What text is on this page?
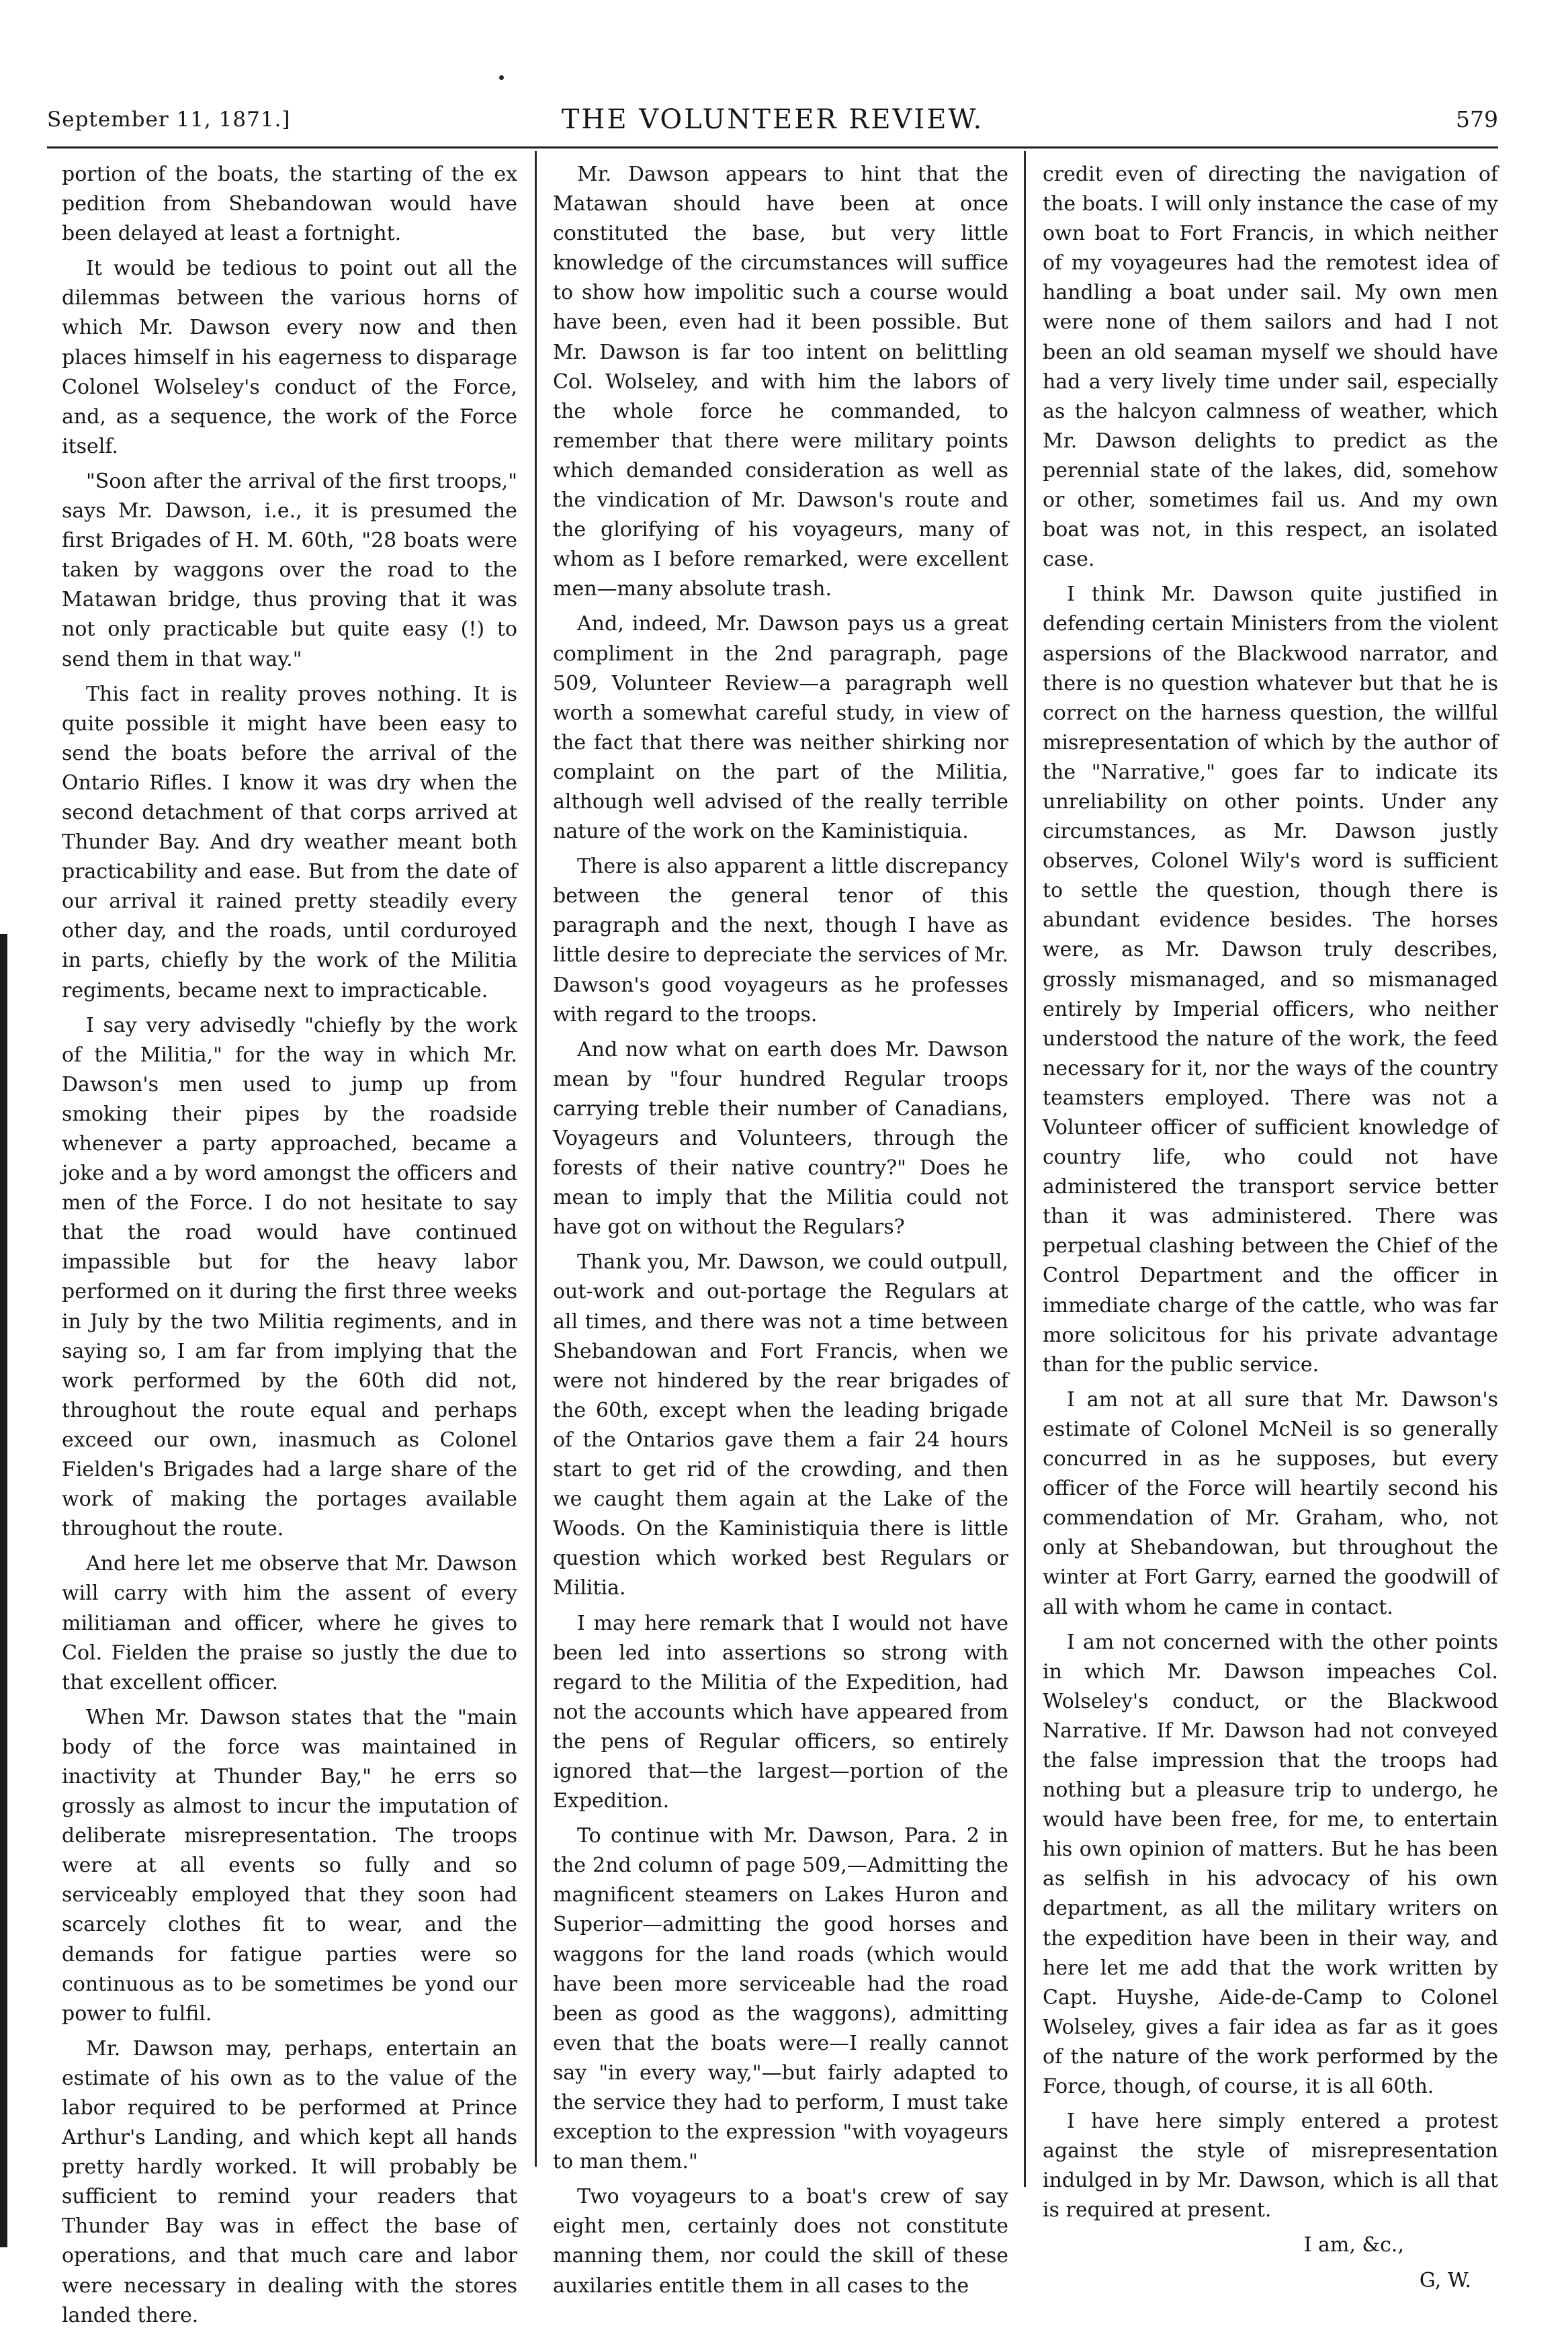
THE VOLUNTEER REVIEW.
September 11, 1871.]	579

portion of the boats, the starting of the ex pedition from Shebandowan would have been delayed at least a fortnight.

It would be tedious to point out all the dilemmas between the various horns of which Mr. Dawson every now and then places himself in his eagerness to disparage Colonel Wolseley's conduct of the Force, and, as a sequence, the work of the Force itself.

"Soon after the arrival of the first troops," says Mr. Dawson, i.e., it is presumed the first Brigades of H. M. 60th, "28 boats were taken by waggons over the road to the Matawan bridge, thus proving that it was not only practicable but quite easy (!) to send them in that way."

This fact in reality proves nothing. It is quite possible it might have been easy to send the boats before the arrival of the Ontario Rifles. I know it was dry when the second detachment of that corps arrived at Thunder Bay. And dry weather meant both practicability and ease. But from the date of our arrival it rained pretty steadily every other day, and the roads, until corduroyed in parts, chiefly by the work of the Militia regiments, became next to impracticable.

I say very advisedly "chiefly by the work of the Militia," for the way in which Mr. Dawson's men used to jump up from smoking their pipes by the roadside whenever a party approached, became a joke and a by word amongst the officers and men of the Force. I do not hesitate to say that the road would have continued impassible but for the heavy labor performed on it during the first three weeks in July by the two Militia regiments, and in saying so, I am far from implying that the work performed by the 60th did not, throughout the route equal and perhaps exceed our own, inasmuch as Colonel Fielden's Brigades had a large share of the work of making the portages available throughout the route.

And here let me observe that Mr. Dawson will carry with him the assent of every militiaman and officer, where he gives to Col. Fielden the praise so justly the due to that excellent officer.

When Mr. Dawson states that the "main body of the force was maintained in inactivity at Thunder Bay," he errs so grossly as almost to incur the imputation of deliberate misrepresentation. The troops were at all events so fully and so serviceably employed that they soon had scarcely clothes fit to wear, and the demands for fatigue parties were so continuous as to be sometimes be yond our power to fulfil.

Mr. Dawson may, perhaps, entertain an estimate of his own as to the value of the labor required to be performed at Prince Arthur's Landing, and which kept all hands pretty hardly worked. It will probably be sufficient to remind your readers that Thunder Bay was in effect the base of operations, and that much care and labor were necessary in dealing with the stores landed there.

Mr. Dawson appears to hint that the Matawan should have been at once constituted the base, but very little knowledge of the circumstances will suffice to show how impolitic such a course would have been, even had it been possible. But Mr. Dawson is far too intent on belittling Col. Wolseley, and with him the labors of the whole force he commanded, to remember that there were military points which demanded consideration as well as the vindication of Mr. Dawson's route and the glorifying of his voyageurs, many of whom as I before remarked, were excellent men—many absolute trash.

And, indeed, Mr. Dawson pays us a great compliment in the 2nd paragraph, page 509, Volunteer Review—a paragraph well worth a somewhat careful study, in view of the fact that there was neither shirking nor complaint on the part of the Militia, although well advised of the really terrible nature of the work on the Kaministiquia.

There is also apparent a little discrepancy between the general tenor of this paragraph and the next, though I have as little desire to depreciate the services of Mr. Dawson's good voyageurs as he professes with regard to the troops.

And now what on earth does Mr. Dawson mean by "four hundred Regular troops carrying treble their number of Canadians, Voyageurs and Volunteers, through the forests of their native country?" Does he mean to imply that the Militia could not have got on without the Regulars?

Thank you, Mr. Dawson, we could outpull, out-work and out-portage the Regulars at all times, and there was not a time between Shebandowan and Fort Francis, when we were not hindered by the rear brigades of the 60th, except when the leading brigade of the Ontarios gave them a fair 24 hours start to get rid of the crowding, and then we caught them again at the Lake of the Woods. On the Kaministiquia there is little question which worked best Regulars or Militia.

I may here remark that I would not have been led into assertions so strong with regard to the Militia of the Expedition, had not the accounts which have appeared from the pens of Regular officers, so entirely ignored that—the largest—portion of the Expedition.

To continue with Mr. Dawson, Para. 2 in the 2nd column of page 509,—Admitting the magnificent steamers on Lakes Huron and Superior—admitting the good horses and waggons for the land roads (which would have been more serviceable had the road been as good as the waggons), admitting even that the boats were—I really cannot say "in every way,"—but fairly adapted to the service they had to perform, I must take exception to the expression "with voyageurs to man them."

Two voyageurs to a boat's crew of say eight men, certainly does not constitute manning them, nor could the skill of these auxilaries entitle them in all cases to the

credit even of directing the navigation of the boats. I will only instance the case of my own boat to Fort Francis, in which neither of my voyageures had the remotest idea of handling a boat under sail. My own men were none of them sailors and had I not been an old seaman myself we should have had a very lively time under sail, especially as the halcyon calmness of weather, which Mr. Dawson delights to predict as the perennial state of the lakes, did, somehow or other, sometimes fail us. And my own boat was not, in this respect, an isolated case.

I think Mr. Dawson quite justified in defending certain Ministers from the violent aspersions of the Blackwood narrator, and there is no question whatever but that he is correct on the harness question, the willful misrepresentation of which by the author of the "Narrative," goes far to indicate its unreliability on other points. Under any circumstances, as Mr. Dawson justly observes, Colonel Wily's word is sufficient to settle the question, though there is abundant evidence besides. The horses were, as Mr. Dawson truly describes, grossly mismanaged, and so mismanaged entirely by Imperial officers, who neither understood the nature of the work, the feed necessary for it, nor the ways of the country teamsters employed. There was not a Volunteer officer of sufficient knowledge of country life, who could not have administered the transport service better than it was administered. There was perpetual clashing between the Chief of the Control Department and the officer in immediate charge of the cattle, who was far more solicitous for his private advantage than for the public service.

I am not at all sure that Mr. Dawson's estimate of Colonel McNeil is so generally concurred in as he supposes, but every officer of the Force will heartily second his commendation of Mr. Graham, who, not only at Shebandowan, but throughout the winter at Fort Garry, earned the goodwill of all with whom he came in contact.

I am not concerned with the other points in which Mr. Dawson impeaches Col. Wolseley's conduct, or the Blackwood Narrative. If Mr. Dawson had not conveyed the false impression that the troops had nothing but a pleasure trip to undergo, he would have been free, for me, to entertain his own opinion of matters. But he has been as selfish in his advocacy of his own department, as all the military writers on the expedition have been in their way, and here let me add that the work written by Capt. Huyshe, Aide-de-Camp to Colonel Wolseley, gives a fair idea as far as it goes of the nature of the work performed by the Force, though, of course, it is all 60th.

I have here simply entered a protest against the style of misrepresentation indulged in by Mr. Dawson, which is all that is required at present.

I am, &c.,

G, W.
